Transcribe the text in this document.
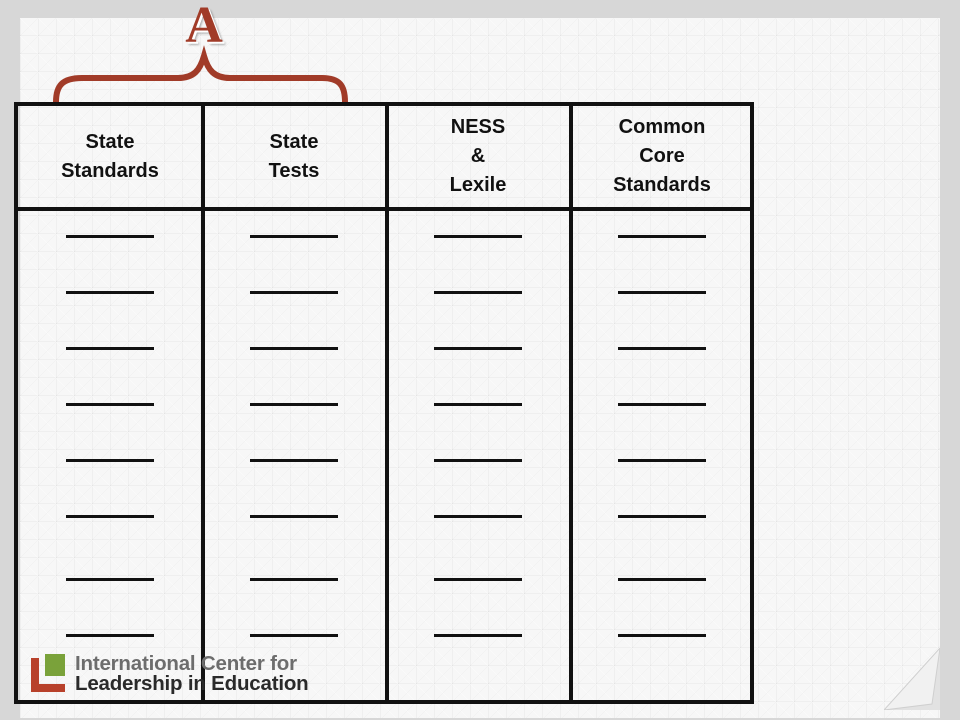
A
State
Standards
State
Tests
NESS
&
Lexile
Common
Core
Standards
International Center for
Leadership in Education
